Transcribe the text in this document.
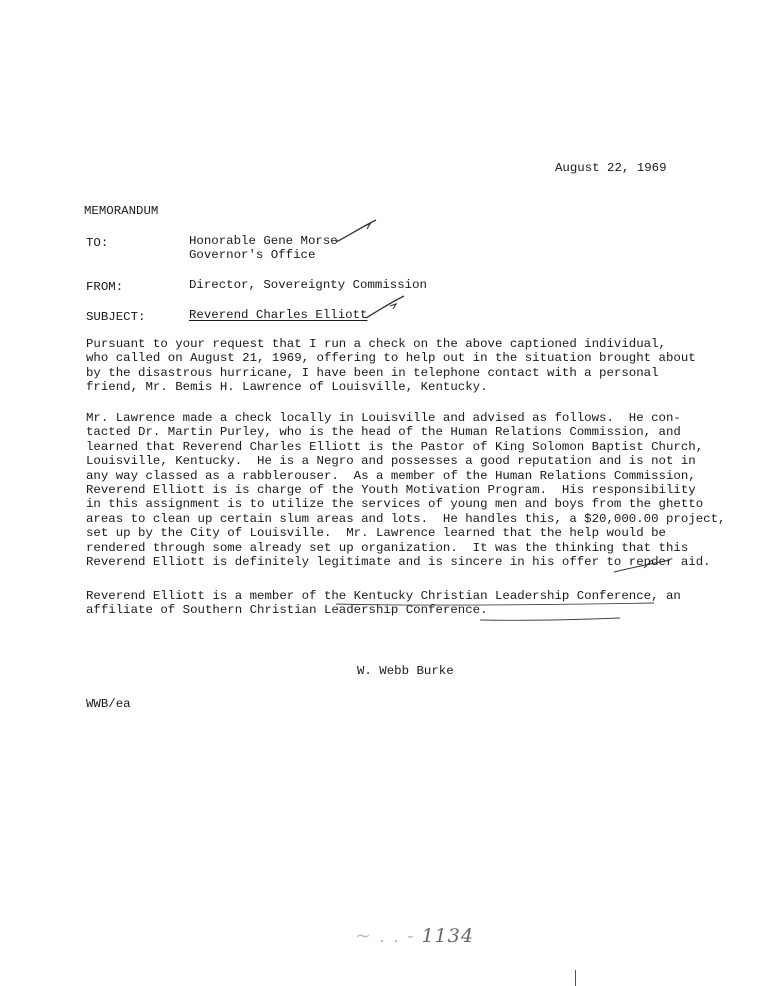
August 22, 1969
MEMORANDUM
TO:	Honorable Gene Morse
Governor's Office
FROM:	Director, Sovereignty Commission
SUBJECT:	Reverend Charles Elliott
Pursuant to your request that I run a check on the above captioned individual,
who called on August 21, 1969, offering to help out in the situation brought about
by the disastrous hurricane, I have been in telephone contact with a personal
friend, Mr. Bemis H. Lawrence of Louisville, Kentucky.
Mr. Lawrence made a check locally in Louisville and advised as follows.  He con-
tacted Dr. Martin Purley, who is the head of the Human Relations Commission, and
learned that Reverend Charles Elliott is the Pastor of King Solomon Baptist Church,
Louisville, Kentucky.  He is a Negro and possesses a good reputation and is not in
any way classed as a rabblerouser.  As a member of the Human Relations Commission,
Reverend Elliott is is charge of the Youth Motivation Program.  His responsibility
in this assignment is to utilize the services of young men and boys from the ghetto
areas to clean up certain slum areas and lots.  He handles this, a $20,000.00 project,
set up by the City of Louisville.  Mr. Lawrence learned that the help would be
rendered through some already set up organization.  It was the thinking that this
Reverend Elliott is definitely legitimate and is sincere in his offer to render aid.
Reverend Elliott is a member of the Kentucky Christian Leadership Conference, an
affiliate of Southern Christian Leadership Conference.
W. Webb Burke
WWB/ea
~ . . - 1134
